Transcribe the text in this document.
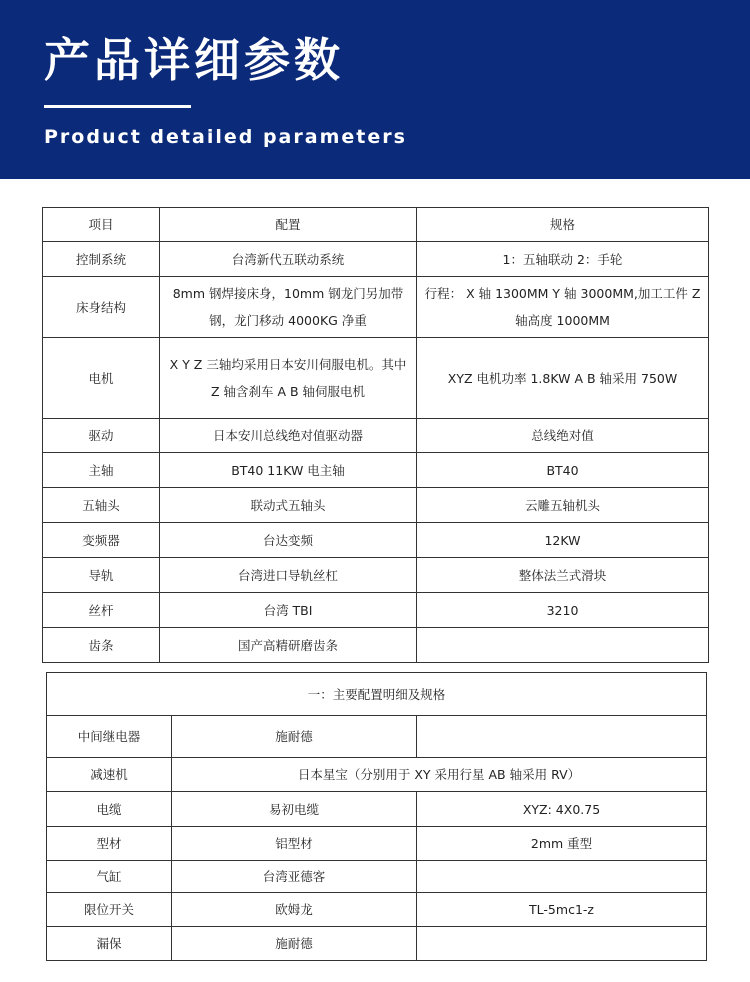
产品详细参数
Product detailed parameters
项目	配置	规格
控制系统	台湾新代五联动系统	1：五轴联动 2：手轮
床身结构	8mm 钢焊接床身，10mm 钢龙门另加带钢，龙门移动 4000KG 净重	行程： X 轴 1300MM Y 轴 3000MM,加工工件 Z 轴高度 1000MM
电机	X Y Z 三轴均采用日本安川伺服电机。其中 Z 轴含刹车 A B 轴伺服电机	XYZ 电机功率 1.8KW A B 轴采用 750W
驱动	日本安川总线绝对值驱动器	总线绝对值
主轴	BT40 11KW 电主轴	BT40
五轴头	联动式五轴头	云雕五轴机头
变频器	台达变频	12KW
导轨	台湾进口导轨丝杠	整体法兰式滑块
丝杆	台湾 TBI	3210
齿条	国产高精研磨齿条	
一：主要配置明细及规格		
中间继电器	施耐德	
减速机	日本星宝（分别用于 XY 采用行星 AB 轴采用 RV）	
电缆	易初电缆	XYZ: 4X0.75
型材	铝型材	2mm 重型
气缸	台湾亚德客	
限位开关	欧姆龙	TL-5mc1-z
漏保	施耐德	
